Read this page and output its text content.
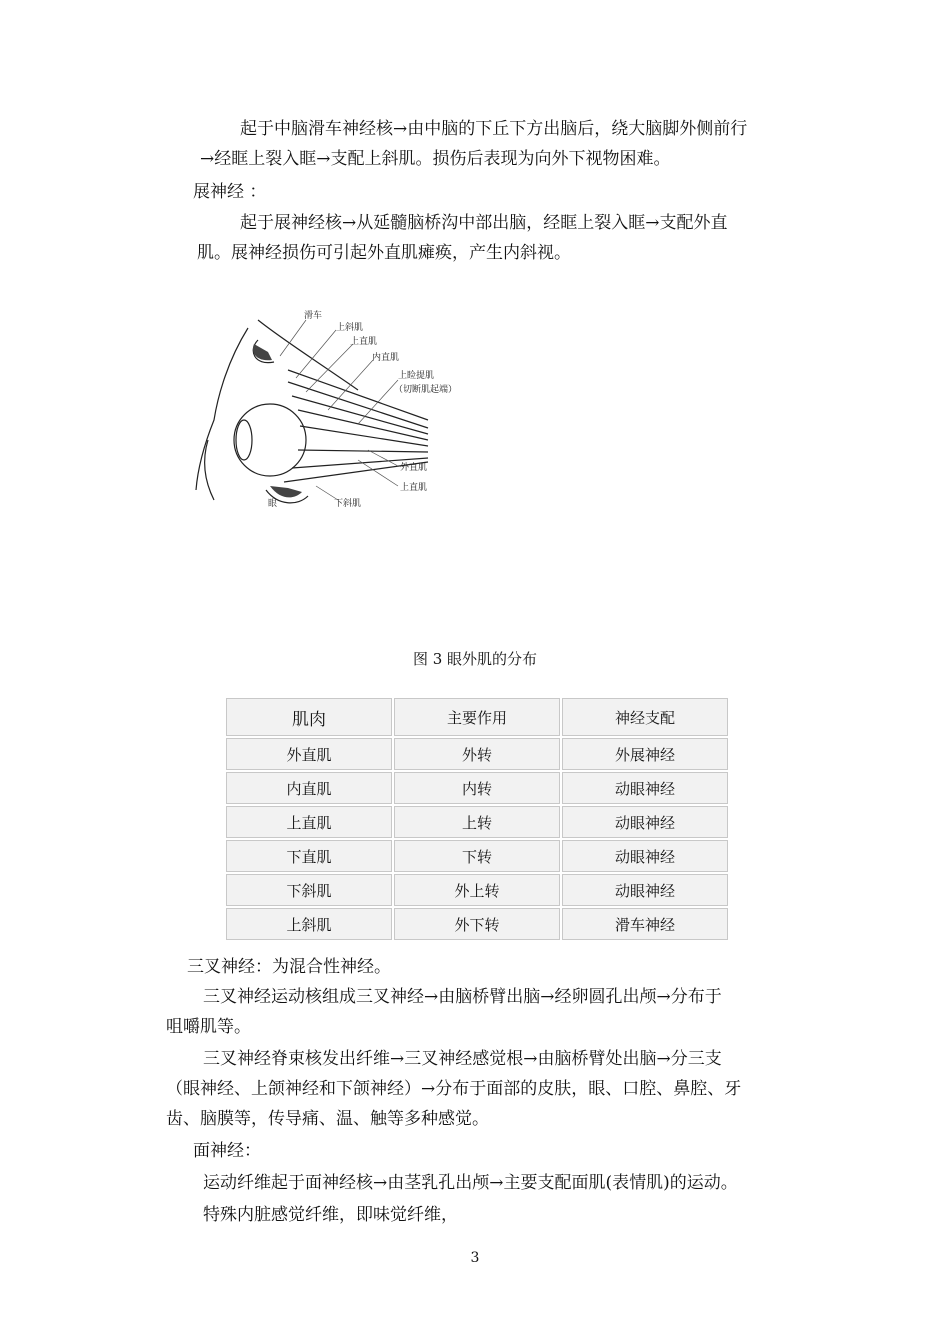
起于中脑滑车神经核→由中脑的下丘下方出脑后，绕大脑脚外侧前行
→经眶上裂入眶→支配上斜肌。损伤后表现为向外下视物困难。
展神经 ：
起于展神经核→从延髓脑桥沟中部出脑，经眶上裂入眶→支配外直
肌。展神经损伤可引起外直肌瘫痪，产生内斜视。
滑车
上斜肌
上直肌
内直肌
上睑提肌
（切断肌起端）
外直肌
上直肌
下斜肌
眼
图 3 眼外肌的分布
肌肉	主要作用	神经支配
外直肌	外转	外展神经
内直肌	内转	动眼神经
上直肌	上转	动眼神经
下直肌	下转	动眼神经
下斜肌	外上转	动眼神经
上斜肌	外下转	滑车神经
三叉神经：为混合性神经。
三叉神经运动核组成三叉神经→由脑桥臂出脑→经卵圆孔出颅→分布于
咀嚼肌等。
三叉神经脊束核发出纤维→三叉神经感觉根→由脑桥臂处出脑→分三支
（眼神经、上颌神经和下颌神经）→分布于面部的皮肤，眼、口腔、鼻腔、牙
齿、脑膜等，传导痛、温、触等多种感觉。
面神经：
运动纤维起于面神经核→由茎乳孔出颅→主要支配面肌(表情肌)的运动。
特殊内脏感觉纤维，即味觉纤维，
3
